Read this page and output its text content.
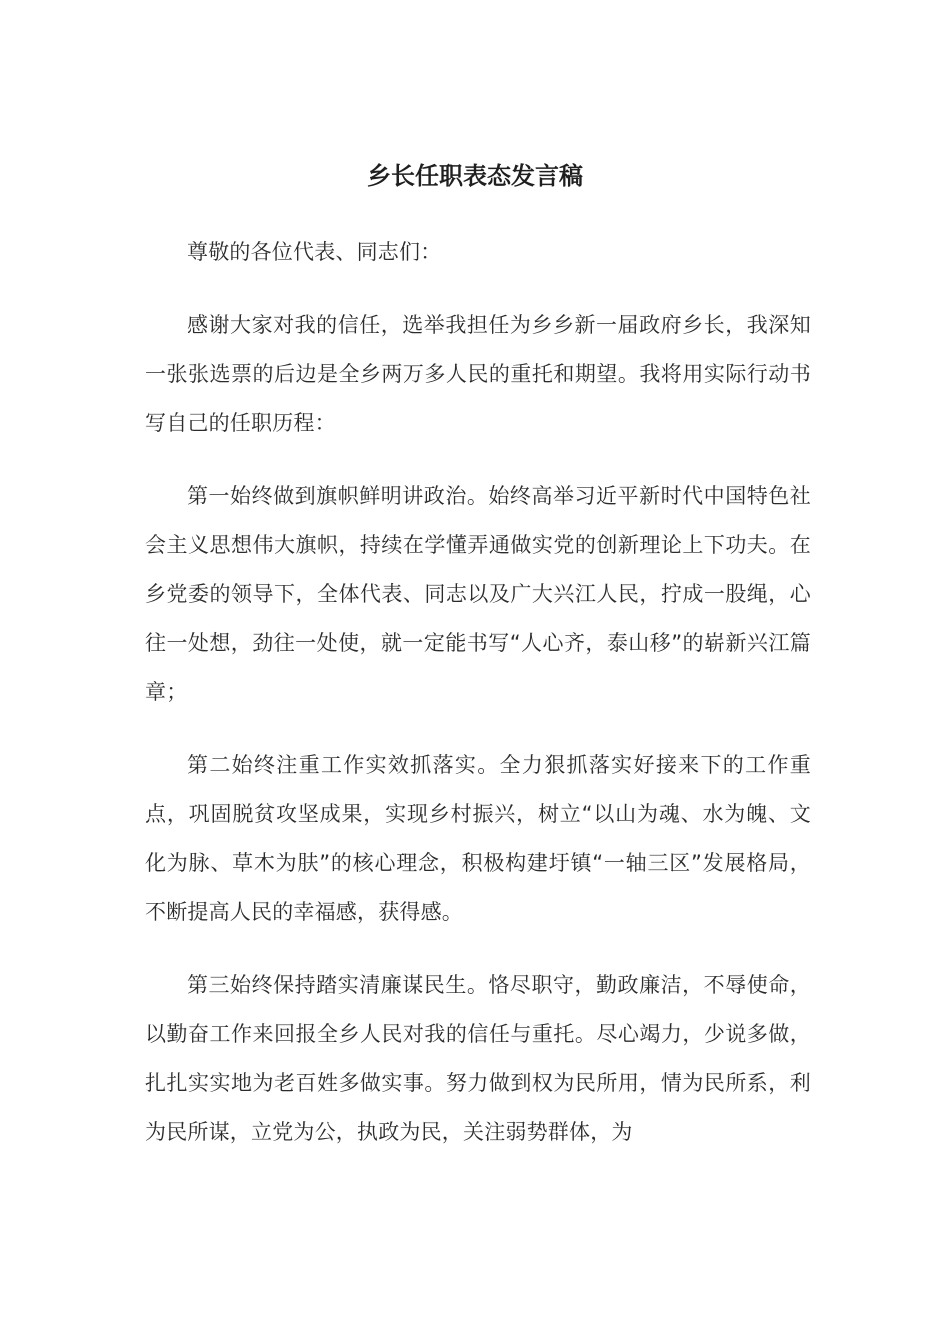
乡长任职表态发言稿

尊敬的各位代表、同志们：

感谢大家对我的信任，选举我担任为乡乡新一届政府乡长，我深知一张张选票的后边是全乡两万多人民的重托和期望。我将用实际行动书写自己的任职历程：

第一始终做到旗帜鲜明讲政治。始终高举习近平新时代中国特色社会主义思想伟大旗帜，持续在学懂弄通做实党的创新理论上下功夫。在乡党委的领导下，全体代表、同志以及广大兴江人民，拧成一股绳，心往一处想，劲往一处使，就一定能书写“人心齐，泰山移”的崭新兴江篇章；

第二始终注重工作实效抓落实。全力狠抓落实好接来下的工作重点，巩固脱贫攻坚成果，实现乡村振兴，树立“以山为魂、水为魄、文化为脉、草木为肤”的核心理念，积极构建圩镇“一轴三区”发展格局，不断提高人民的幸福感，获得感。

第三始终保持踏实清廉谋民生。恪尽职守，勤政廉洁，不辱使命，以勤奋工作来回报全乡人民对我的信任与重托。尽心竭力，少说多做，扎扎实实地为老百姓多做实事。努力做到权为民所用，情为民所系，利为民所谋，立党为公，执政为民，关注弱势群体，为
